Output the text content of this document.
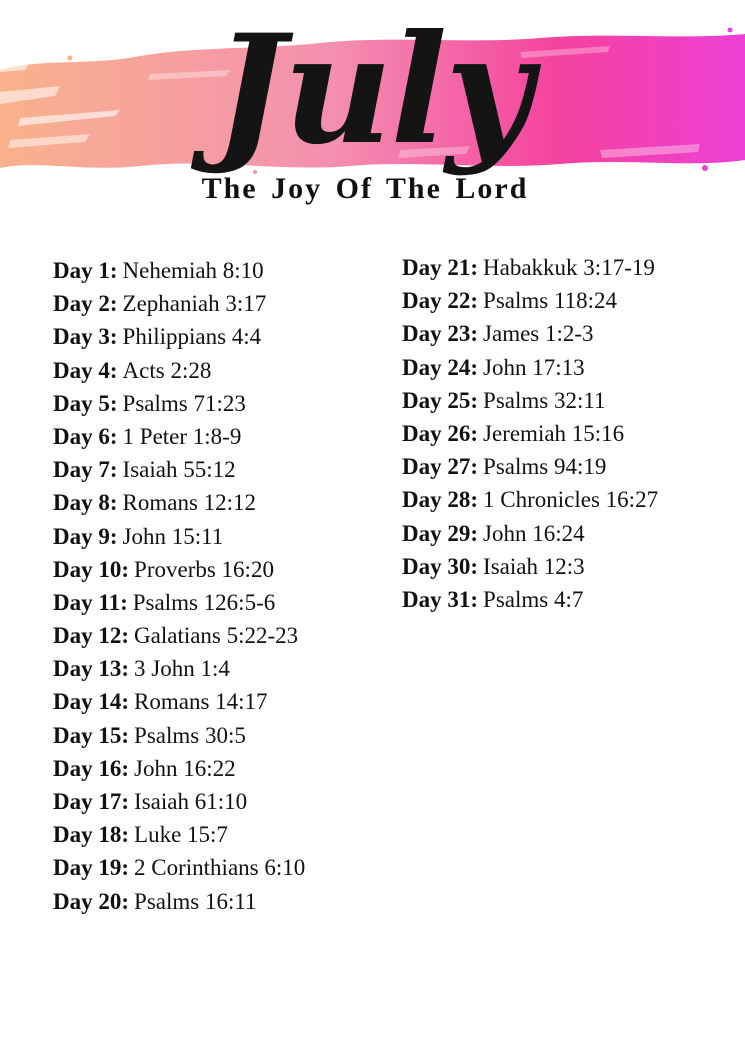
July
The Joy Of The Lord
Day 1: Nehemiah 8:10
Day 2: Zephaniah 3:17
Day 3: Philippians 4:4
Day 4: Acts 2:28
Day 5: Psalms 71:23
Day 6: 1 Peter 1:8-9
Day 7: Isaiah 55:12
Day 8: Romans 12:12
Day 9: John 15:11
Day 10: Proverbs 16:20
Day 11: Psalms 126:5-6
Day 12: Galatians 5:22-23
Day 13: 3 John 1:4
Day 14: Romans 14:17
Day 15: Psalms 30:5
Day 16: John 16:22
Day 17: Isaiah 61:10
Day 18: Luke 15:7
Day 19: 2 Corinthians 6:10
Day 20: Psalms 16:11
Day 21: Habakkuk 3:17-19
Day 22: Psalms 118:24
Day 23: James 1:2-3
Day 24: John 17:13
Day 25: Psalms 32:11
Day 26: Jeremiah 15:16
Day 27: Psalms 94:19
Day 28: 1 Chronicles 16:27
Day 29: John 16:24
Day 30: Isaiah 12:3
Day 31: Psalms 4:7
